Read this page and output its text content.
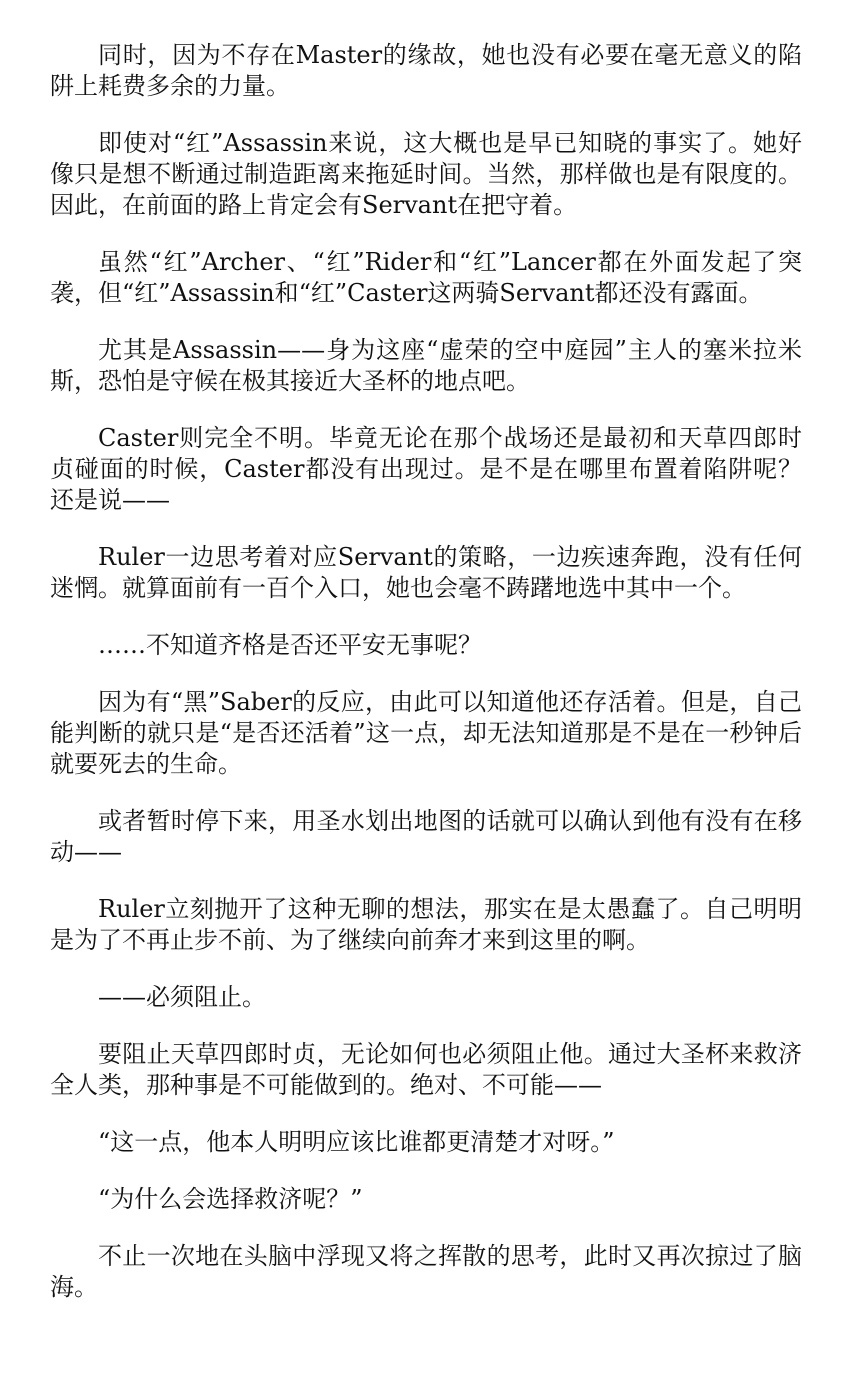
同时，因为不存在Master的缘故，她也没有必要在毫无意义的陷阱上耗费多余的力量。

即使对“红”Assassin来说，这大概也是早已知晓的事实了。她好像只是想不断通过制造距离来拖延时间。当然，那样做也是有限度的。因此，在前面的路上肯定会有Servant在把守着。

虽然“红”Archer、“红”Rider和“红”Lancer都在外面发起了突袭，但“红”Assassin和“红”Caster这两骑Servant都还没有露面。

尤其是Assassin——身为这座“虚荣的空中庭园”主人的塞米拉米斯，恐怕是守候在极其接近大圣杯的地点吧。

Caster则完全不明。毕竟无论在那个战场还是最初和天草四郎时贞碰面的时候，Caster都没有出现过。是不是在哪里布置着陷阱呢？还是说——

Ruler一边思考着对应Servant的策略，一边疾速奔跑，没有任何迷惘。就算面前有一百个入口，她也会毫不踌躇地选中其中一个。

……不知道齐格是否还平安无事呢？

因为有“黑”Saber的反应，由此可以知道他还存活着。但是，自己能判断的就只是“是否还活着”这一点，却无法知道那是不是在一秒钟后就要死去的生命。

或者暂时停下来，用圣水划出地图的话就可以确认到他有没有在移动——

Ruler立刻抛开了这种无聊的想法，那实在是太愚蠢了。自己明明是为了不再止步不前、为了继续向前奔才来到这里的啊。

——必须阻止。

要阻止天草四郎时贞，无论如何也必须阻止他。通过大圣杯来救济全人类，那种事是不可能做到的。绝对、不可能——

“这一点，他本人明明应该比谁都更清楚才对呀。”

“为什么会选择救济呢？”

不止一次地在头脑中浮现又将之挥散的思考，此时又再次掠过了脑海。
